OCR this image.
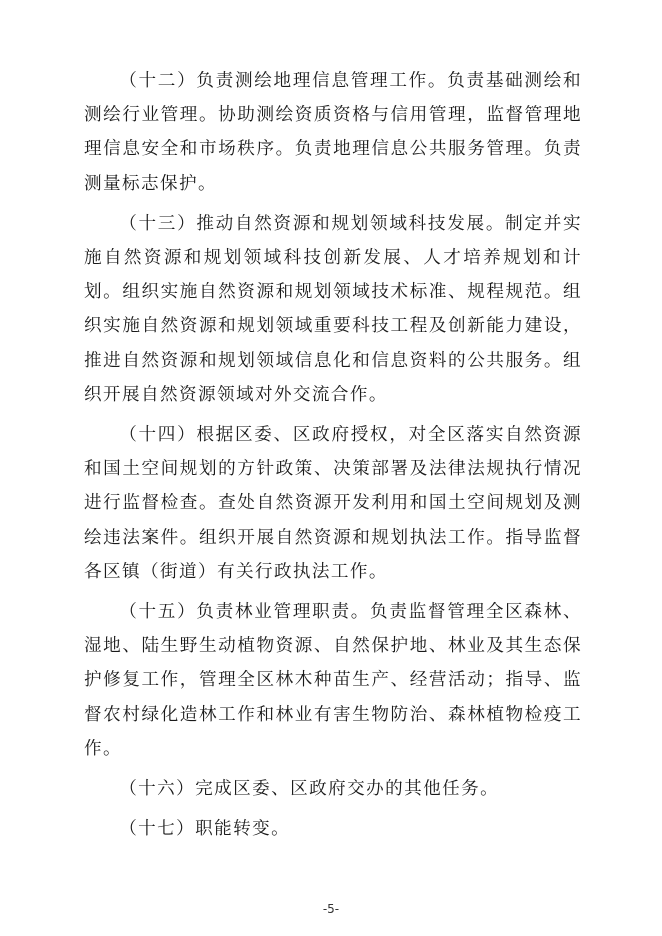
（十二）负责测绘地理信息管理工作。负责基础测绘和测绘行业管理。协助测绘资质资格与信用管理，监督管理地理信息安全和市场秩序。负责地理信息公共服务管理。负责测量标志保护。

（十三）推动自然资源和规划领域科技发展。制定并实施自然资源和规划领域科技创新发展、人才培养规划和计划。组织实施自然资源和规划领域技术标准、规程规范。组织实施自然资源和规划领域重要科技工程及创新能力建设，推进自然资源和规划领域信息化和信息资料的公共服务。组织开展自然资源领域对外交流合作。

（十四）根据区委、区政府授权，对全区落实自然资源和国土空间规划的方针政策、决策部署及法律法规执行情况进行监督检查。查处自然资源开发利用和国土空间规划及测绘违法案件。组织开展自然资源和规划执法工作。指导监督各区镇（街道）有关行政执法工作。

（十五）负责林业管理职责。负责监督管理全区森林、湿地、陆生野生动植物资源、自然保护地、林业及其生态保护修复工作，管理全区林木种苗生产、经营活动；指导、监督农村绿化造林工作和林业有害生物防治、森林植物检疫工作。

（十六）完成区委、区政府交办的其他任务。

（十七）职能转变。

-5-
